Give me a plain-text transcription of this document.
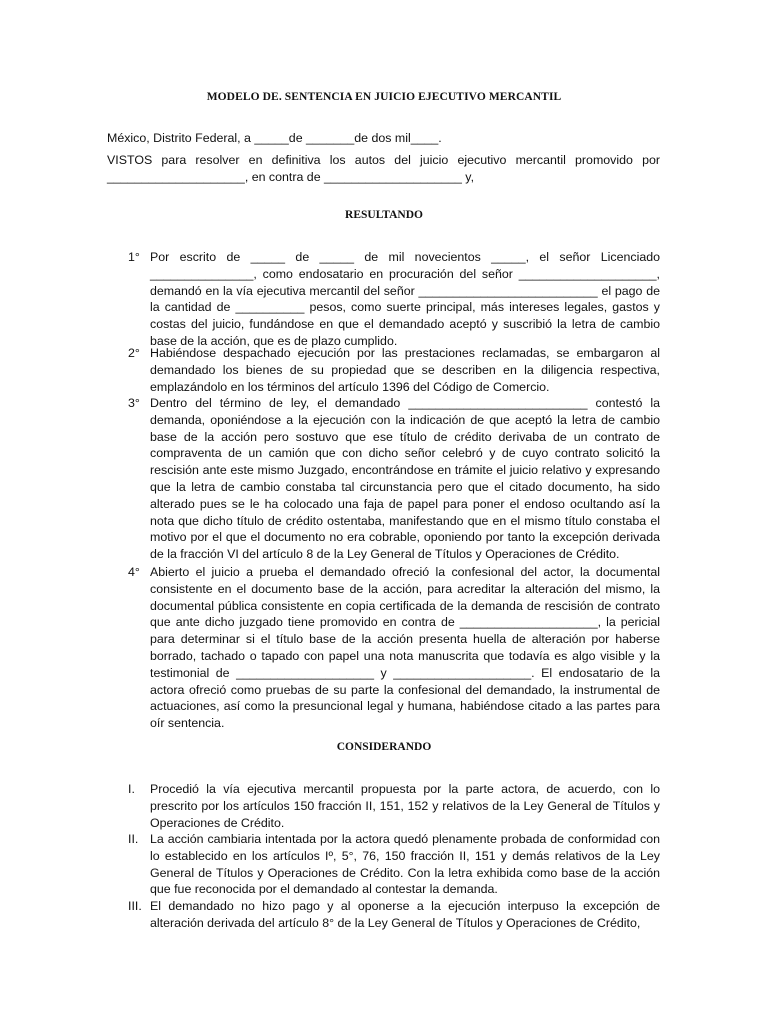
MODELO DE. SENTENCIA EN JUICIO EJECUTIVO MERCANTIL

México, Distrito Federal, a _____de _______de dos mil____.

VISTOS para resolver en definitiva los autos del juicio ejecutivo mercantil promovido por ____________________, en contra de ____________________ y,

RESULTANDO
1° Por escrito de _____ de _____ de mil novecientos _____, el señor Licenciado _______________, como endosatario en procuración del señor ____________________, demandó en la vía ejecutiva mercantil del señor __________________________ el pago de la cantidad de __________ pesos, como suerte principal, más intereses legales, gastos y costas del juicio, fundándose en que el demandado aceptó y suscribió la letra de cambio base de la acción, que es de plazo cumplido.
2° Habiéndose despachado ejecución por las prestaciones reclamadas, se embargaron al demandado los bienes de su propiedad que se describen en la diligencia respectiva, emplazándolo en los términos del artículo 1396 del Código de Comercio.
3° Dentro del término de ley, el demandado __________________________ contestó la demanda, oponiéndose a la ejecución con la indicación de que aceptó la letra de cambio base de la acción pero sostuvo que ese título de crédito derivaba de un contrato de compraventa de un camión que con dicho señor celebró y de cuyo contrato solicitó la rescisión ante este mismo Juzgado, encontrándose en trámite el juicio relativo y expresando que la letra de cambio constaba tal circunstancia pero que el citado documento, ha sido alterado pues se le ha colocado una faja de papel para poner el endoso ocultando así la nota que dicho título de crédito ostentaba, manifestando que en el mismo título constaba el motivo por el que el documento no era cobrable, oponiendo por tanto la excepción derivada de la fracción VI del artículo 8 de la Ley General de Títulos y Operaciones de Crédito.
4° Abierto el juicio a prueba el demandado ofreció la confesional del actor, la documental consistente en el documento base de la acción, para acreditar la alteración del mismo, la documental pública consistente en copia certificada de la demanda de rescisión de contrato que ante dicho juzgado tiene promovido en contra de ____________________, la pericial para determinar si el título base de la acción presenta huella de alteración por haberse borrado, tachado o tapado con papel una nota manuscrita que todavía es algo visible y la testimonial de ____________________ y ____________________. El endosatario de la actora ofreció como pruebas de su parte la confesional del demandado, la instrumental de actuaciones, así como la presuncional legal y humana, habiéndose citado a las partes para oír sentencia.
CONSIDERANDO
I. Procedió la vía ejecutiva mercantil propuesta por la parte actora, de acuerdo, con lo prescrito por los artículos 150 fracción II, 151, 152 y relativos de la Ley General de Títulos y Operaciones de Crédito.
II. La acción cambiaria intentada por la actora quedó plenamente probada de conformidad con lo establecido en los artículos Iº, 5°, 76, 150 fracción II, 151 y demás relativos de la Ley General de Títulos y Operaciones de Crédito. Con la letra exhibida como base de la acción que fue reconocida por el demandado al contestar la demanda.
III. El demandado no hizo pago y al oponerse a la ejecución interpuso la excepción de alteración derivada del artículo 8° de la Ley General de Títulos y Operaciones de Crédito,
